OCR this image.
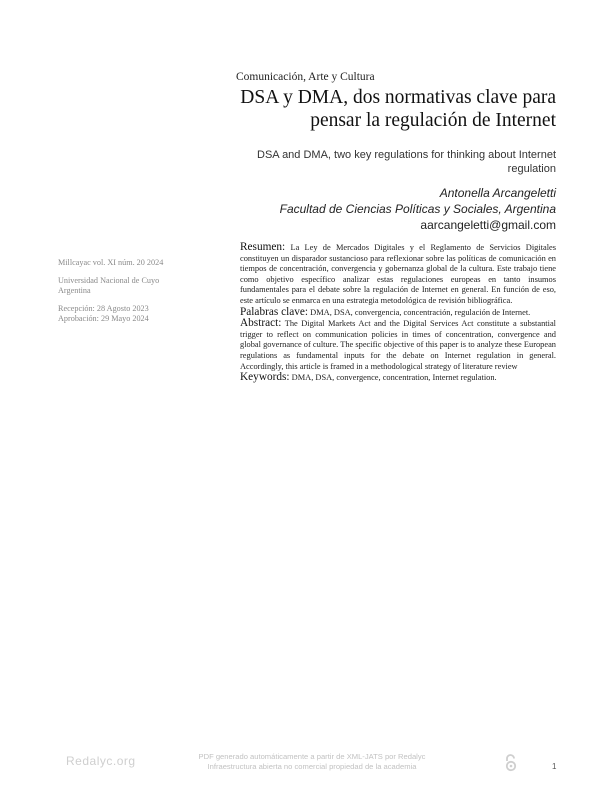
Comunicación, Arte y Cultura
DSA y DMA, dos normativas clave para
pensar la regulación de Internet
DSA and DMA, two key regulations for thinking about Internet
regulation
Antonella Arcangeletti
Facultad de Ciencias Políticas y Sociales, Argentina
aarcangeletti@gmail.com

Millcayac vol. XI núm. 20 2024

Universidad Nacional de Cuyo
Argentina

Recepción: 28 Agosto 2023
Aprobación: 29 Mayo 2024

Resumen: La Ley de Mercados Digitales y el Reglamento de Servicios Digitales constituyen un disparador sustancioso para reflexionar sobre las políticas de comunicación en tiempos de concentración, convergencia y gobernanza global de la cultura. Este trabajo tiene como objetivo específico analizar estas regulaciones europeas en tanto insumos fundamentales para el debate sobre la regulación de Internet en general. En función de eso, este artículo se enmarca en una estrategia metodológica de revisión bibliográfica.

Palabras clave: DMA, DSA, convergencia, concentración, regulación de Internet.

Abstract: The Digital Markets Act and the Digital Services Act constitute a substantial trigger to reflect on communication policies in times of concentration, convergence and global governance of culture. The specific objective of this paper is to analyze these European regulations as fundamental inputs for the debate on Internet regulation in general. Accordingly, this article is framed in a methodological strategy of literature review

Keywords: DMA, DSA, convergence, concentration, Internet regulation.

Redalyc.org	PDF generado automáticamente a partir de XML-JATS por Redalyc
Infraestructura abierta no comercial propiedad de la academia	1
